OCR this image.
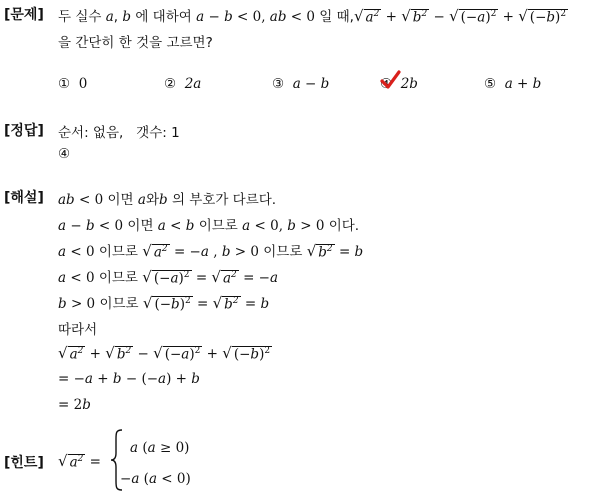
[문제] 두 실수 a, b 에 대하여 a − b < 0, ab < 0 일 때,√ $a^2$ + √ $b^2$ − √ $(-a)^2$ + √ $(-b)^2$
을 간단히 한 것을 고르면?
① 0	② 2a	③ a − b	④ 2b	⑤ a + b
[정답] 순서: 없음,   갯수: 1
④
[해설] ab < 0 이면 a와b 의 부호가 다르다.
a − b < 0 이면 a < b 이므로 a < 0, b > 0 이다.
a < 0 이므로 √ $a^2 = -a$ , b > 0 이므로 √ $b^2 = b$
a < 0 이므로 √ $(-a)^2$ = √ $a^2 = -a$
b > 0 이므로 √ $(-b)^2$ = √ $b^2 = b$
따라서
√ $a^2$ + √ $b^2$ − √ $(-a)^2$ + √ $(-b)^2$
= −a + b − (−a) + b
= 2b
[힌트] √ $a^2$ =
a (a ≥ 0)
−a (a < 0)
